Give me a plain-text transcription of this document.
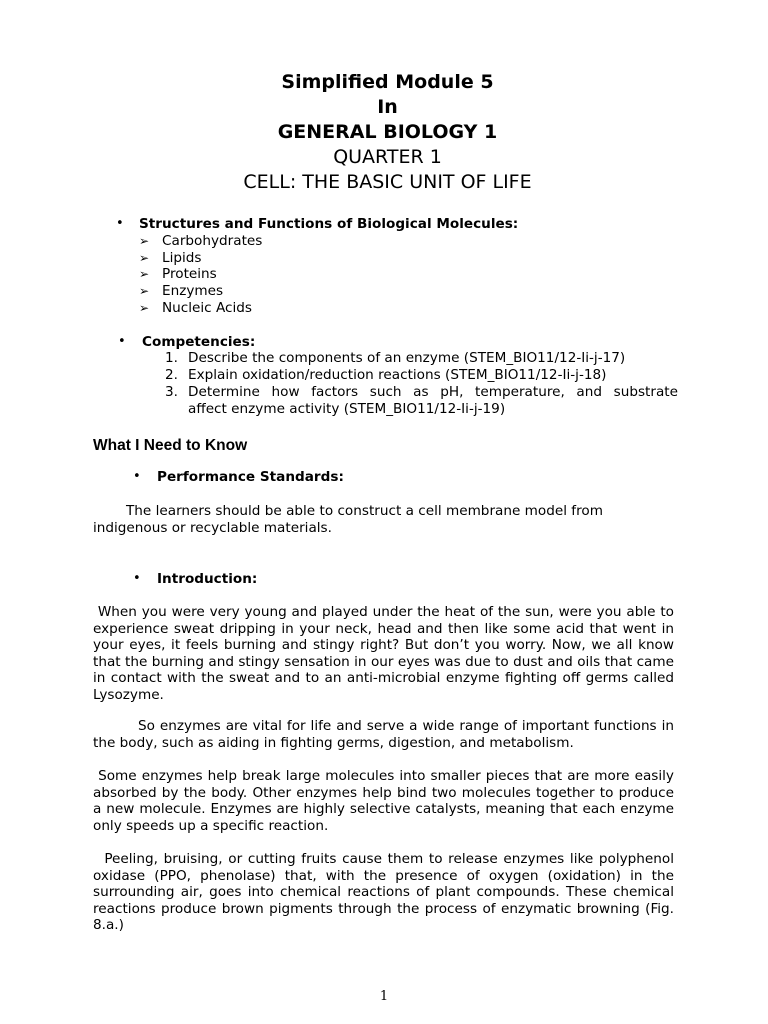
Simplified Module 5
In
GENERAL BIOLOGY 1
QUARTER 1
CELL: THE BASIC UNIT OF LIFE
• Structures and Functions of Biological Molecules:
➢ Carbohydrates
➢ Lipids
➢ Proteins
➢ Enzymes
➢ Nucleic Acids
• Competencies:
1. Describe the components of an enzyme (STEM_BIO11/12-Ii-j-17)
2. Explain oxidation/reduction reactions (STEM_BIO11/12-Ii-j-18)
3. Determine how factors such as pH, temperature, and substrate
affect enzyme activity (STEM_BIO11/12-Ii-j-19)
What I Need to Know
• Performance Standards:
The learners should be able to construct a cell membrane model from indigenous or recyclable materials.
• Introduction:
When you were very young and played under the heat of the sun, were you able to experience sweat dripping in your neck, head and then like some acid that went in your eyes, it feels burning and stingy right? But don’t you worry. Now, we all know that the burning and stingy sensation in our eyes was due to dust and oils that came in contact with the sweat and to an anti-microbial enzyme fighting off germs called Lysozyme.
So enzymes are vital for life and serve a wide range of important functions in the body, such as aiding in fighting germs, digestion, and metabolism.
Some enzymes help break large molecules into smaller pieces that are more easily absorbed by the body. Other enzymes help bind two molecules together to produce a new molecule. Enzymes are highly selective catalysts, meaning that each enzyme only speeds up a specific reaction.
Peeling, bruising, or cutting fruits cause them to release enzymes like polyphenol oxidase (PPO, phenolase) that, with the presence of oxygen (oxidation) in the surrounding air, goes into chemical reactions of plant compounds. These chemical reactions produce brown pigments through the process of enzymatic browning (Fig. 8.a.)
1
